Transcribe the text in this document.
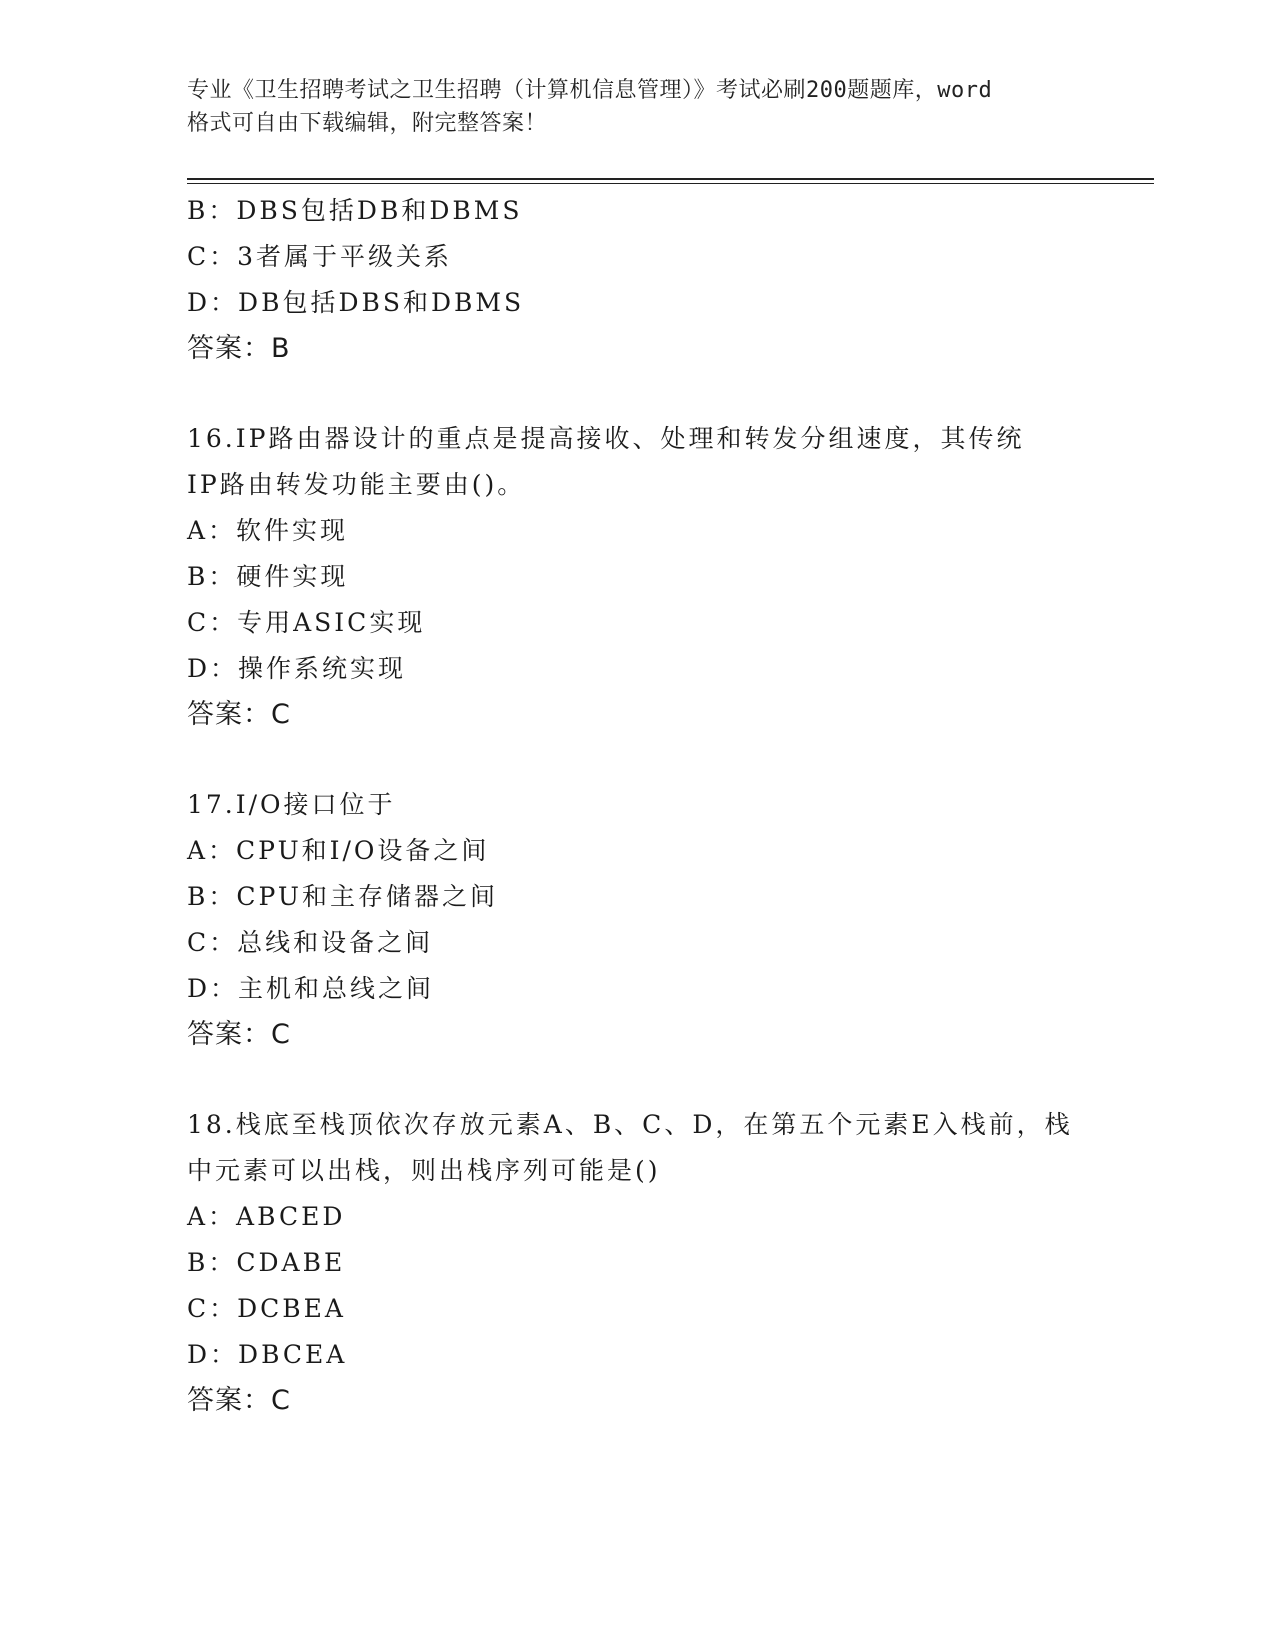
专业《卫生招聘考试之卫生招聘（计算机信息管理）》考试必刷200题题库，word
格式可自由下载编辑，附完整答案！
B：DBS包括DB和DBMS
C：3者属于平级关系
D：DB包括DBS和DBMS
答案：B
16.IP路由器设计的重点是提高接收、处理和转发分组速度，其传统
IP路由转发功能主要由()。
A：软件实现
B：硬件实现
C：专用ASIC实现
D：操作系统实现
答案：C
17.I/O接口位于
A：CPU和I/O设备之间
B：CPU和主存储器之间
C：总线和设备之间
D：主机和总线之间
答案：C
18.栈底至栈顶依次存放元素A、B、C、D，在第五个元素E入栈前，栈
中元素可以出栈，则出栈序列可能是()
A：ABCED
B：CDABE
C：DCBEA
D：DBCEA
答案：C
